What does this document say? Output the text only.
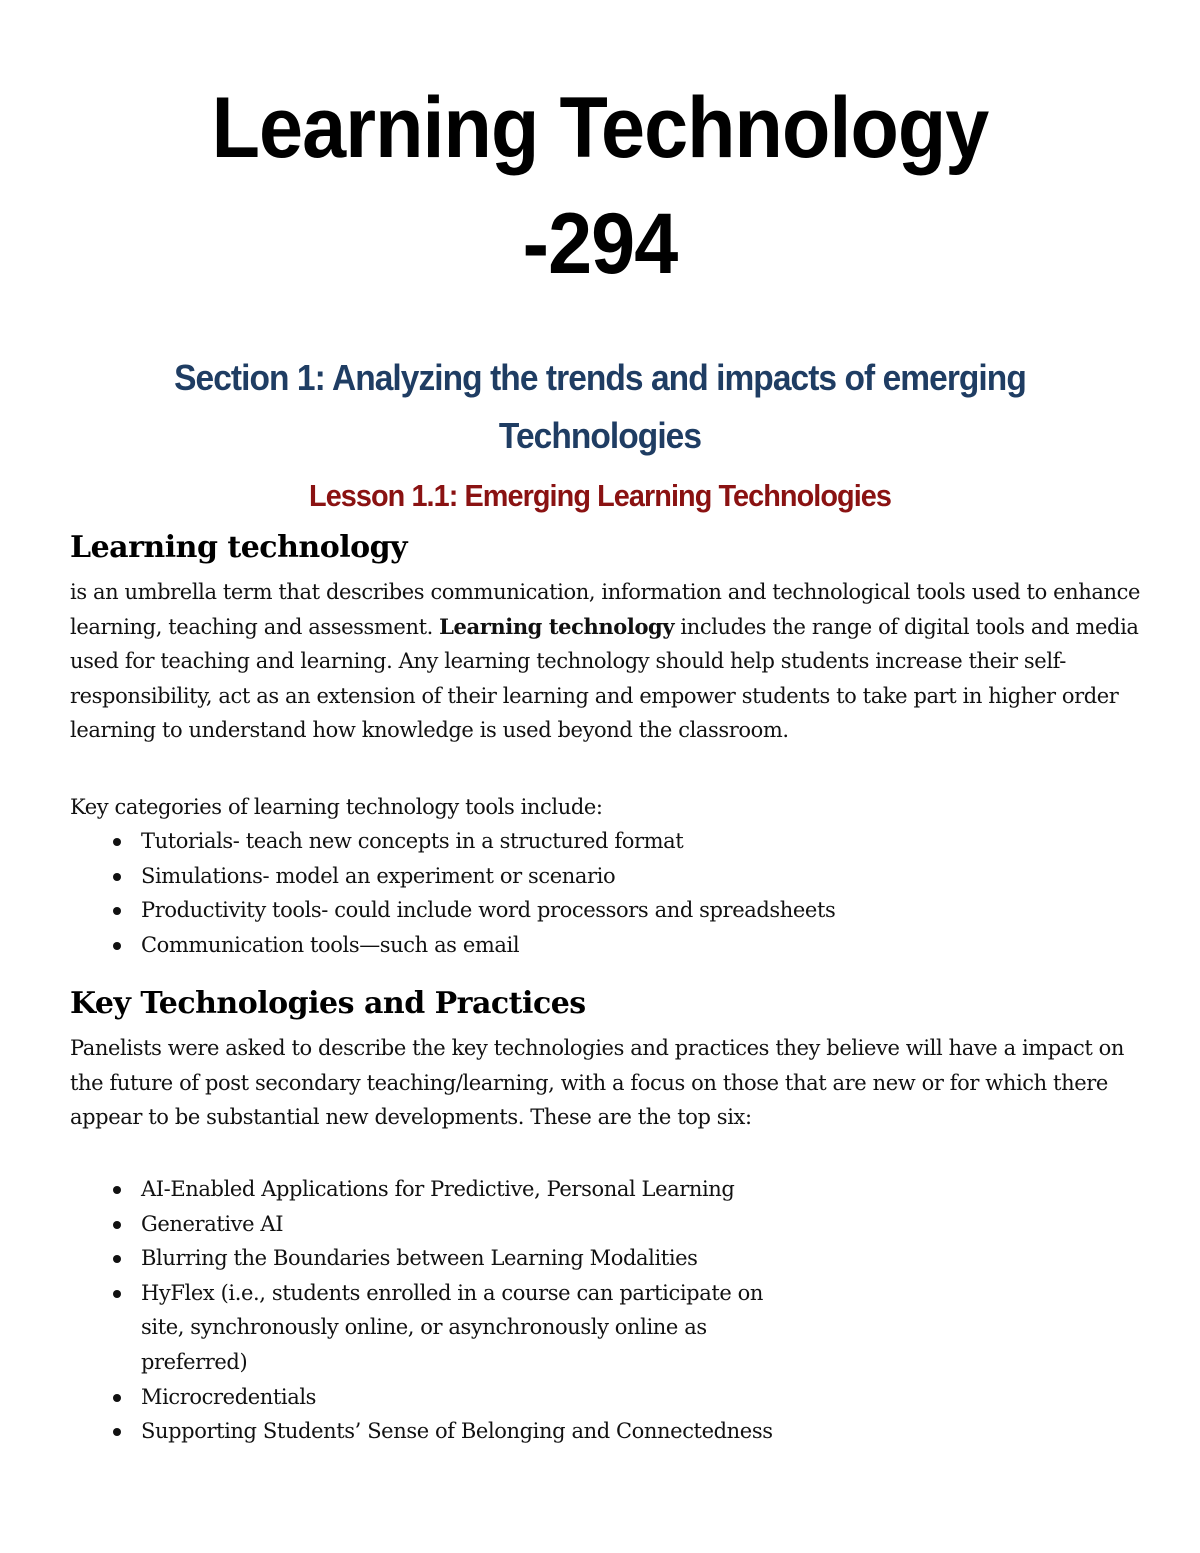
Learning Technology
-294
Section 1: Analyzing the trends and impacts of emerging
Technologies
Lesson 1.1: Emerging Learning Technologies
Learning technology

is an umbrella term that describes communication, information and technological tools used to enhance learning, teaching and assessment. Learning technology includes the range of digital tools and media used for teaching and learning. Any learning technology should help students increase their self-responsibility, act as an extension of their learning and empower students to take part in higher order learning to understand how knowledge is used beyond the classroom.

Key categories of learning technology tools include:

Tutorials- teach new concepts in a structured format
Simulations- model an experiment or scenario
Productivity tools- could include word processors and spreadsheets
Communication tools—such as email
Key Technologies and Practices

Panelists were asked to describe the key technologies and practices they believe will have a impact on the future of post secondary teaching/learning, with a focus on those that are new or for which there appear to be substantial new developments. These are the top six:

AI-Enabled Applications for Predictive, Personal Learning
Generative AI
Blurring the Boundaries between Learning Modalities
HyFlex (i.e., students enrolled in a course can participate on site, synchronously online, or asynchronously online as preferred)
Microcredentials
Supporting Students’ Sense of Belonging and Connectedness
